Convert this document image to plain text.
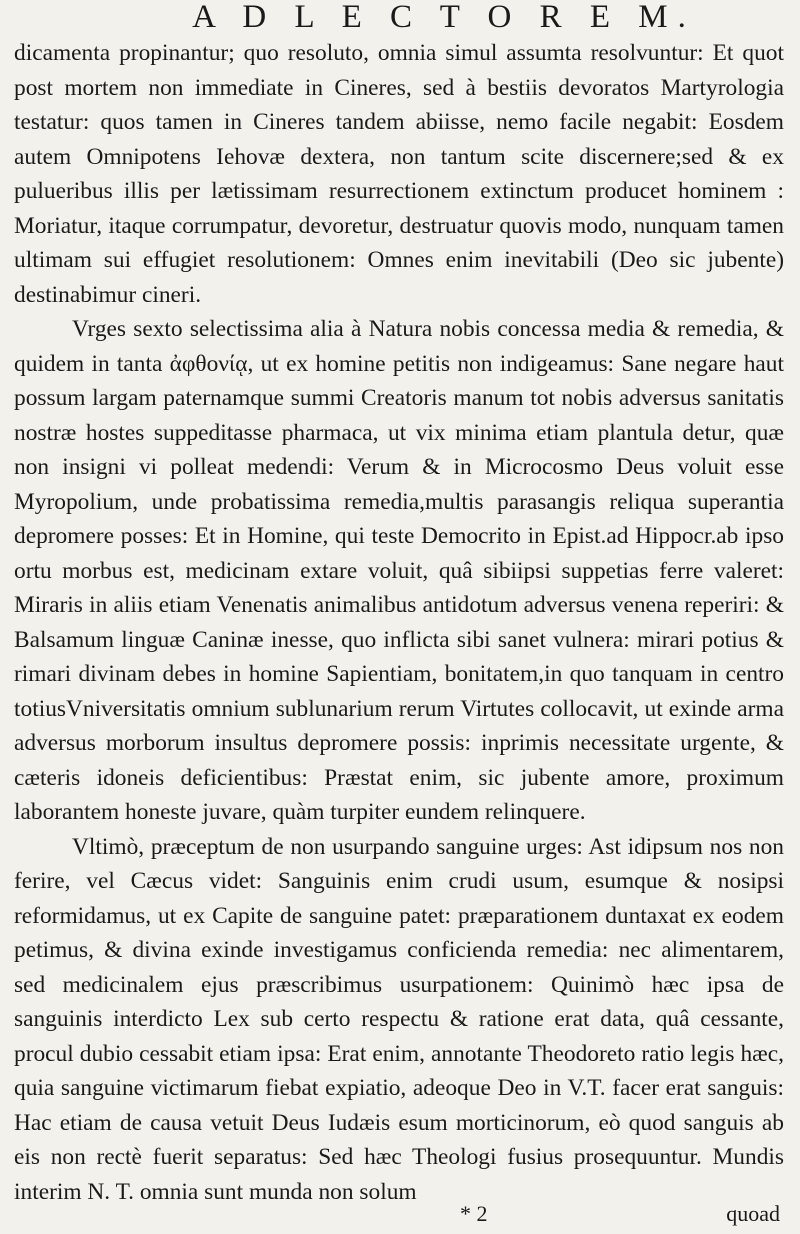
A D L E C T O R E M.

dicamenta propinantur; quo resoluto, omnia simul assumta resolvuntur: Et quot post mortem non immediate in Cineres, sed à bestiis devoratos Martyrologia testatur: quos tamen in Cineres tandem abiisse, nemo facile negabit: Eosdem autem Omnipotens Iehovæ dextera, non tantum scite discernere;sed & ex pulueribus illis per lætissimam resurrectionem extinctum producet hominem : Moriatur, itaque corrumpatur, devoretur, destruatur quovis modo, nunquam tamen ultimam sui effugiet resolutionem: Omnes enim inevitabili (Deo sic jubente) destinabimur cineri.

Vrges sexto selectissima alia à Natura nobis concessa media & remedia, & quidem in tanta ἀφθονίᾳ, ut ex homine petitis non indigeamus: Sane negare haut possum largam paternamque summi Creatoris manum tot nobis adversus sanitatis nostræ hostes suppeditasse pharmaca, ut vix minima etiam plantula detur, quæ non insigni vi polleat medendi: Verum & in Microcosmo Deus voluit esse Myropolium, unde probatissima remedia,multis parasangis reliqua superantia depromere posses: Et in Homine, qui teste Democrito in Epist.ad Hippocr.ab ipso ortu morbus est, medicinam extare voluit, quâ sibiipsi suppetias ferre valeret: Miraris in aliis etiam Venenatis animalibus antidotum adversus venena reperiri: & Balsamum linguæ Caninæ inesse, quo inflicta sibi sanet vulnera: mirari potius & rimari divinam debes in homine Sapientiam, bonitatem,in quo tanquam in centro totiusVniversitatis omnium sublunarium rerum Virtutes collocavit, ut exinde arma adversus morborum insultus depromere possis: inprimis necessitate urgente, & cæteris idoneis deficientibus: Præstat enim, sic jubente amore, proximum laborantem honeste juvare, quàm turpiter eundem relinquere.

Vltimò, præceptum de non usurpando sanguine urges: Ast idipsum nos non ferire, vel Cæcus videt: Sanguinis enim crudi usum, esumque & nosipsi reformidamus, ut ex Capite de sanguine patet: præparationem duntaxat ex eodem petimus, & divina exinde investigamus conficienda remedia: nec alimentarem, sed medicinalem ejus præscribimus usurpationem: Quinimò hæc ipsa de sanguinis interdicto Lex sub certo respectu & ratione erat data, quâ cessante, procul dubio cessabit etiam ipsa: Erat enim, annotante Theodoreto ratio legis hæc, quia sanguine victimarum fiebat expiatio, adeoque Deo in V.T. facer erat sanguis: Hac etiam de causa vetuit Deus Iudæis esum morticinorum, eò quod sanguis ab eis non rectè fuerit separatus: Sed hæc Theologi fusius prosequuntur. Mundis interim N. T. omnia sunt munda non solum

* 2	quoad
